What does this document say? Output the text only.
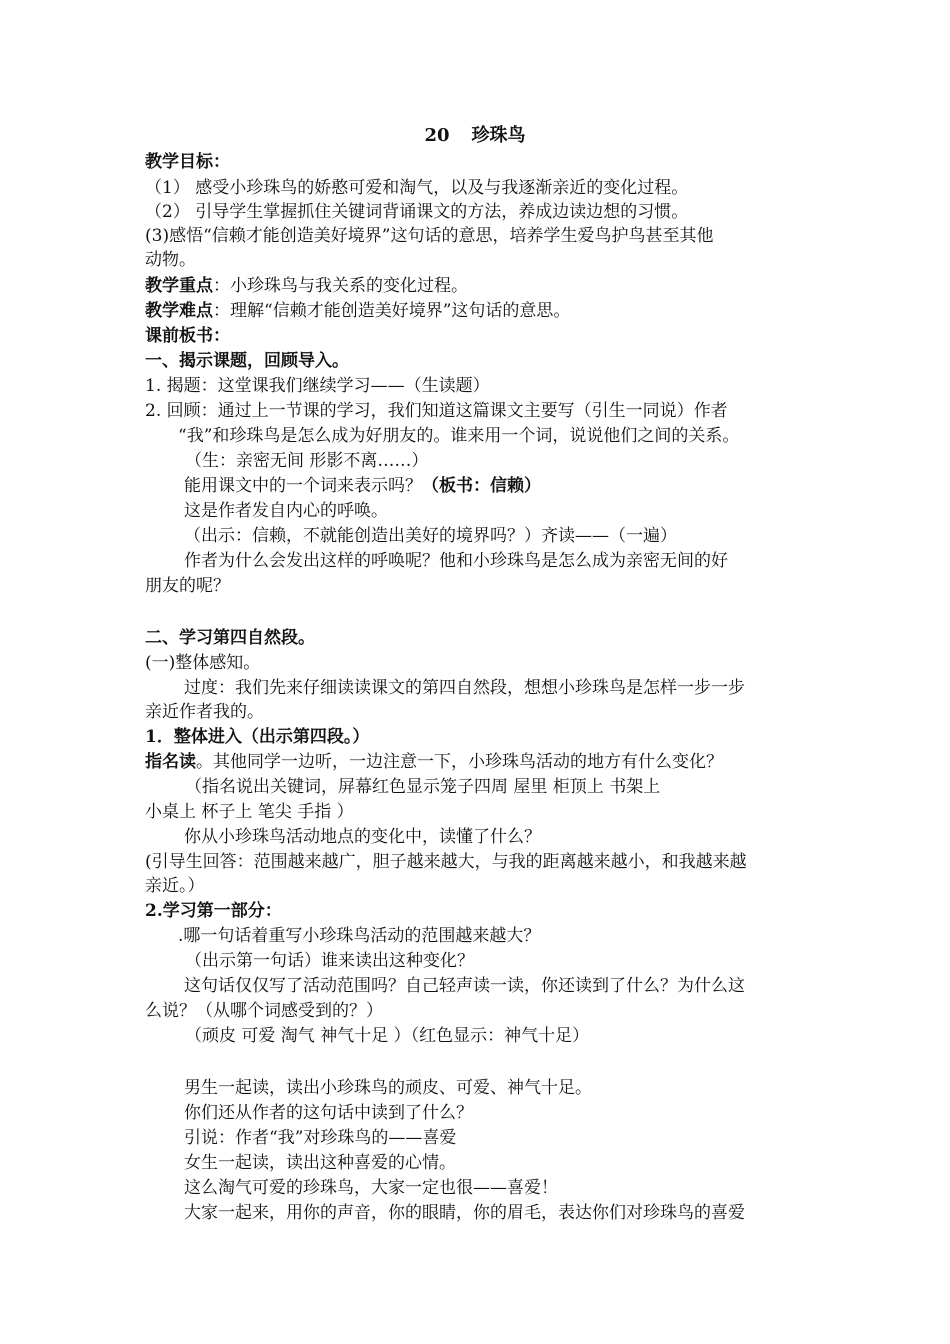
20 珍珠鸟
教学目标：
（1） 感受小珍珠鸟的娇憨可爱和淘气，以及与我逐渐亲近的变化过程。
（2） 引导学生掌握抓住关键词背诵课文的方法，养成边读边想的习惯。
(3)感悟“信赖才能创造美好境界”这句话的意思，培养学生爱鸟护鸟甚至其他
动物。
教学重点：小珍珠鸟与我关系的变化过程。
教学难点：理解“信赖才能创造美好境界”这句话的意思。
课前板书：
一、揭示课题，回顾导入。
1. 揭题：这堂课我们继续学习——（生读题）
2. 回顾：通过上一节课的学习，我们知道这篇课文主要写（引生一同说）作者
“我”和珍珠鸟是怎么成为好朋友的。谁来用一个词，说说他们之间的关系。
（生：亲密无间 形影不离……）
能用课文中的一个词来表示吗？（板书：信赖）
这是作者发自内心的呼唤。
（出示：信赖，不就能创造出美好的境界吗？）齐读——（一遍）
作者为什么会发出这样的呼唤呢？他和小珍珠鸟是怎么成为亲密无间的好
朋友的呢？
二、学习第四自然段。
(一)整体感知。
过度：我们先来仔细读读课文的第四自然段，想想小珍珠鸟是怎样一步一步
亲近作者我的。
1．整体进入（出示第四段。）
指名读。其他同学一边听，一边注意一下，小珍珠鸟活动的地方有什么变化？
（指名说出关键词，屏幕红色显示笼子四周 屋里 柜顶上 书架上
小桌上 杯子上 笔尖 手指 ）
你从小珍珠鸟活动地点的变化中，读懂了什么？
(引导生回答：范围越来越广，胆子越来越大，与我的距离越来越小，和我越来越
亲近。）
2.学习第一部分：
.哪一句话着重写小珍珠鸟活动的范围越来越大？
（出示第一句话）谁来读出这种变化？
这句话仅仅写了活动范围吗？自己轻声读一读，你还读到了什么？为什么这
么说？（从哪个词感受到的？）
（顽皮 可爱 淘气 神气十足 ）（红色显示：神气十足）
男生一起读，读出小珍珠鸟的顽皮、可爱、神气十足。
你们还从作者的这句话中读到了什么？
引说：作者“我”对珍珠鸟的——喜爱
女生一起读，读出这种喜爱的心情。
这么淘气可爱的珍珠鸟，大家一定也很——喜爱！
大家一起来，用你的声音，你的眼睛，你的眉毛，表达你们对珍珠鸟的喜爱
